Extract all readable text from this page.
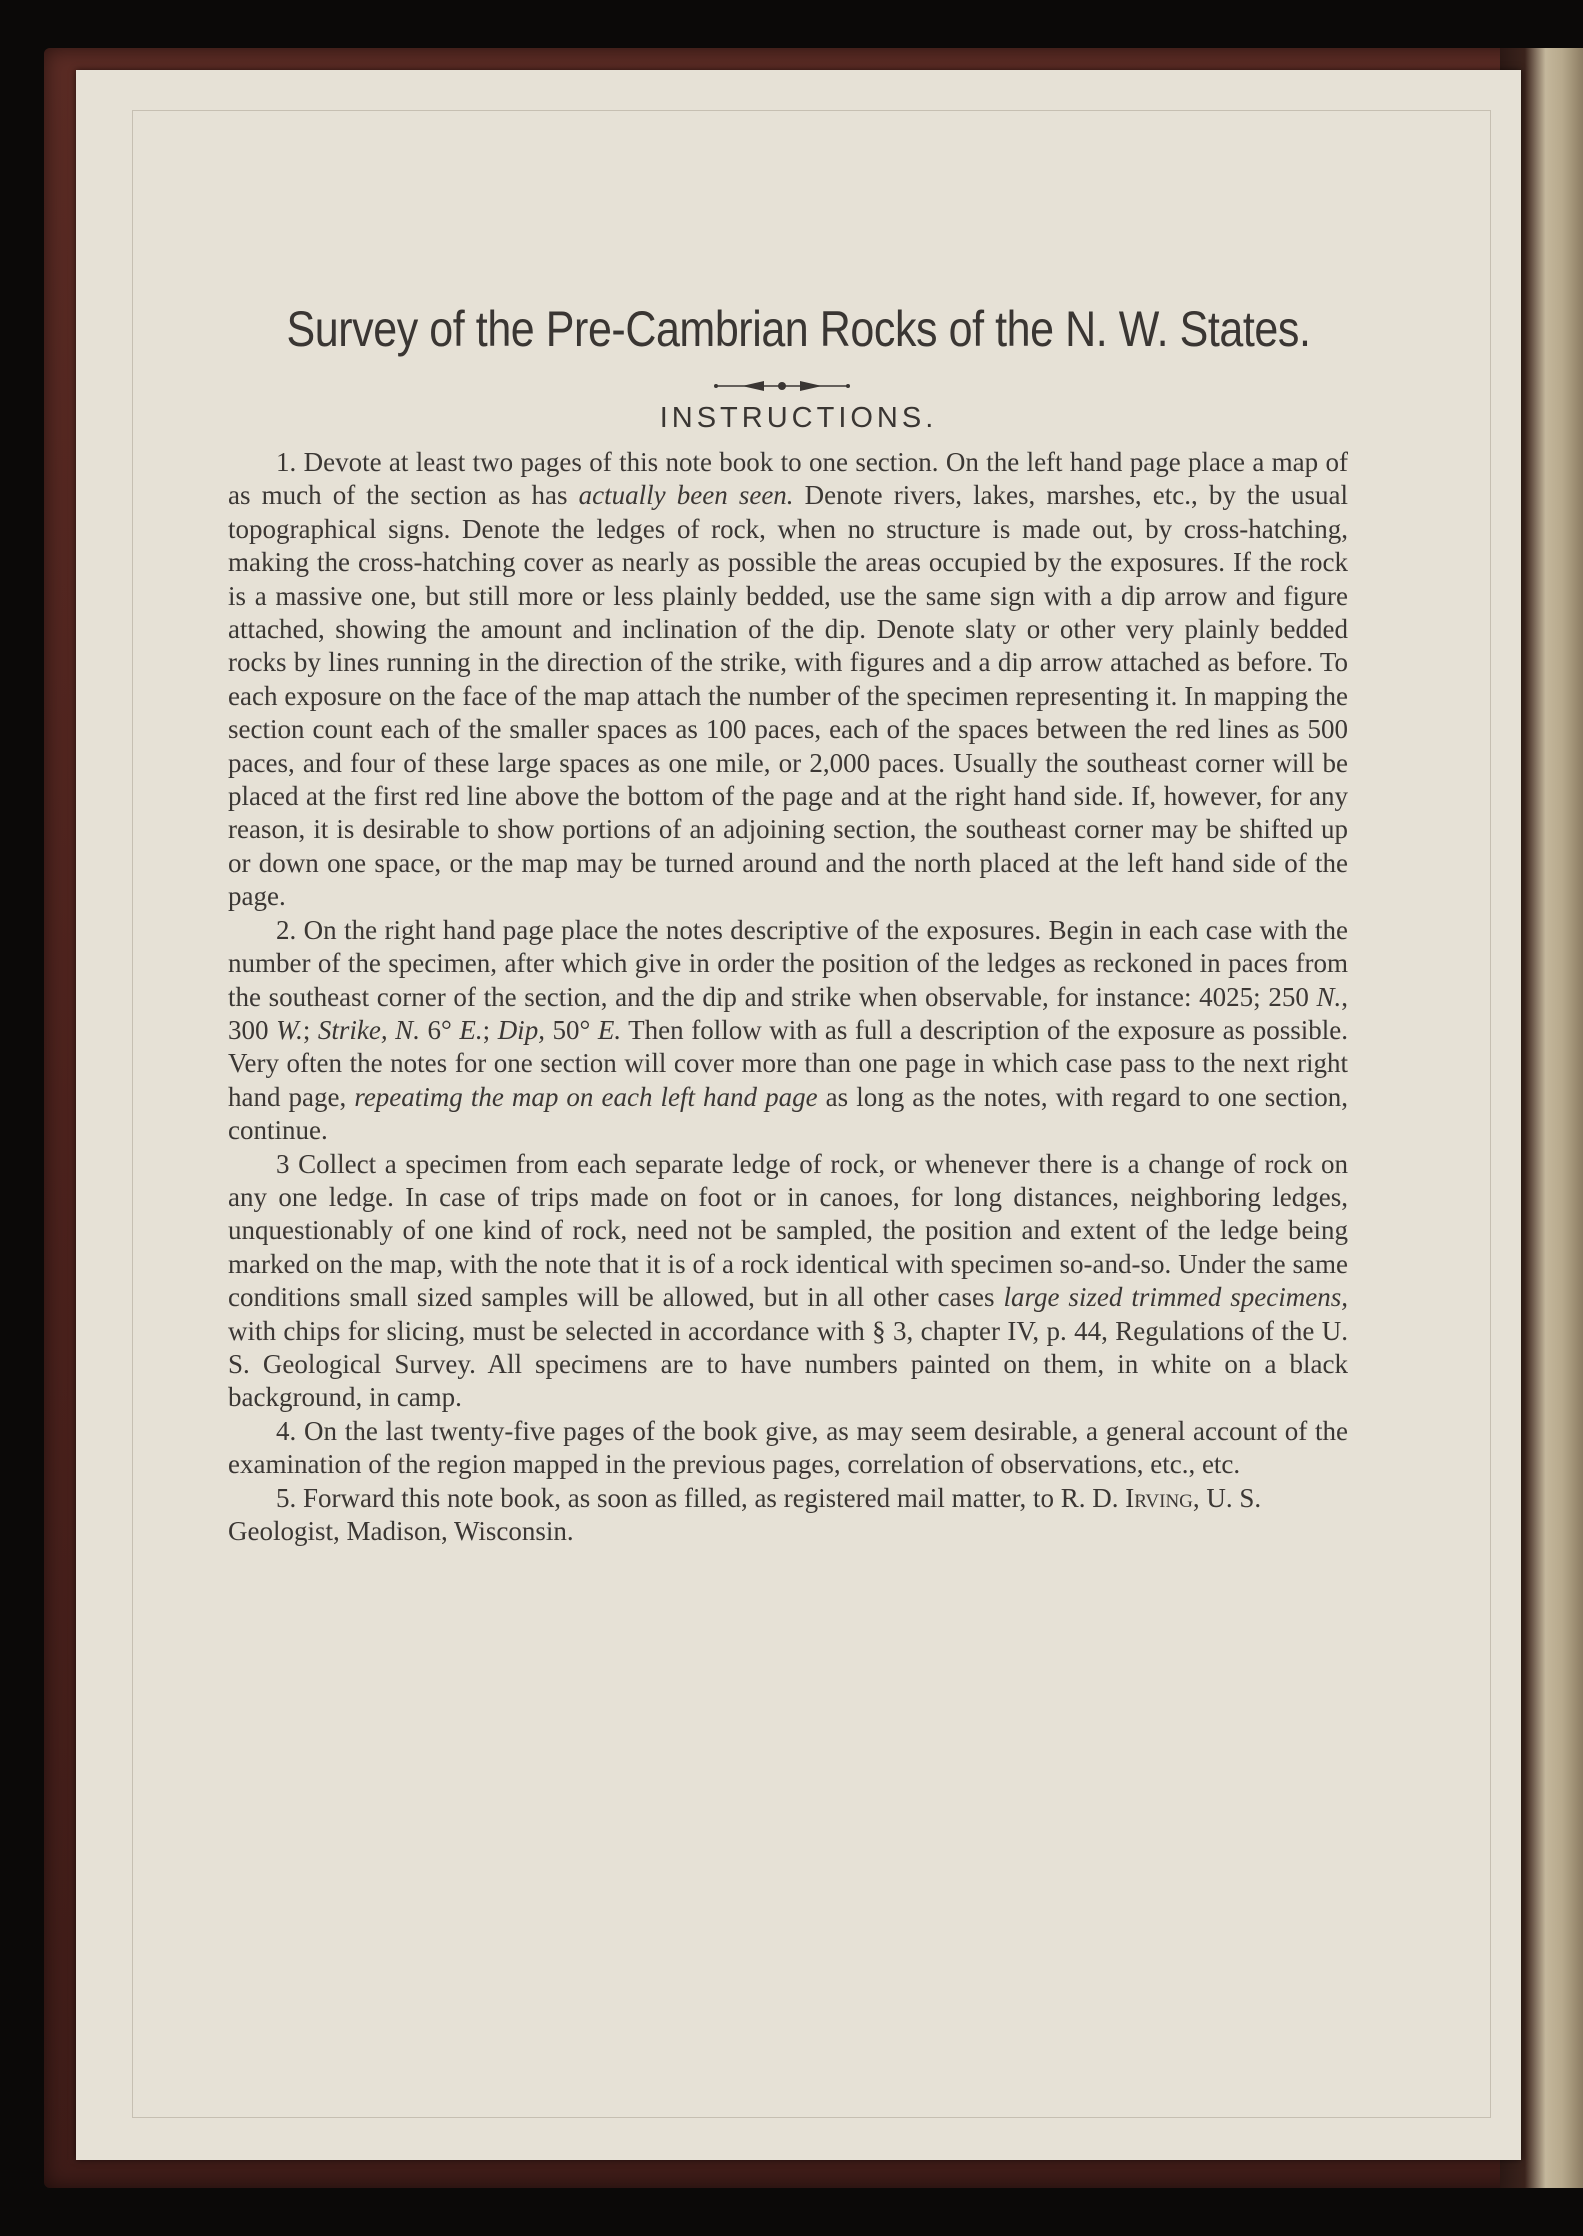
Survey of the Pre-Cambrian Rocks of the N. W. States.
INSTRUCTIONS.

1. Devote at least two pages of this note book to one section. On the left hand page place a map of as much of the section as has actually been seen. Denote rivers, lakes, marshes, etc., by the usual topographical signs. Denote the ledges of rock, when no structure is made out, by cross-hatching, making the cross-hatching cover as nearly as possible the areas occupied by the exposures. If the rock is a massive one, but still more or less plainly bedded, use the same sign with a dip arrow and figure attached, showing the amount and inclination of the dip. Denote slaty or other very plainly bedded rocks by lines running in the direction of the strike, with figures and a dip arrow attached as before. To each exposure on the face of the map attach the number of the specimen representing it. In mapping the section count each of the smaller spaces as 100 paces, each of the spaces between the red lines as 500 paces, and four of these large spaces as one mile, or 2,000 paces. Usually the southeast corner will be placed at the first red line above the bottom of the page and at the right hand side. If, however, for any reason, it is desirable to show portions of an adjoining section, the southeast corner may be shifted up or down one space, or the map may be turned around and the north placed at the left hand side of the page.

2. On the right hand page place the notes descriptive of the exposures. Begin in each case with the number of the specimen, after which give in order the position of the ledges as reckoned in paces from the southeast corner of the section, and the dip and strike when observable, for instance: 4025; 250 N., 300 W.; Strike, N. 6° E.; Dip, 50° E. Then follow with as full a description of the exposure as possible. Very often the notes for one section will cover more than one page in which case pass to the next right hand page, repeatimg the map on each left hand page as long as the notes, with regard to one section, continue.

3 Collect a specimen from each separate ledge of rock, or whenever there is a change of rock on any one ledge. In case of trips made on foot or in canoes, for long distances, neighboring ledges, unquestionably of one kind of rock, need not be sampled, the position and extent of the ledge being marked on the map, with the note that it is of a rock identical with specimen so-and-so. Under the same conditions small sized samples will be allowed, but in all other cases large sized trimmed specimens, with chips for slicing, must be selected in accordance with § 3, chapter IV, p. 44, Regulations of the U. S. Geological Survey. All specimens are to have numbers painted on them, in white on a black background, in camp.

4. On the last twenty-five pages of the book give, as may seem desirable, a general account of the examination of the region mapped in the previous pages, correlation of observations, etc., etc.

5. Forward this note book, as soon as filled, as registered mail matter, to R. D. Irving, U. S. Geologist, Madison, Wisconsin.
